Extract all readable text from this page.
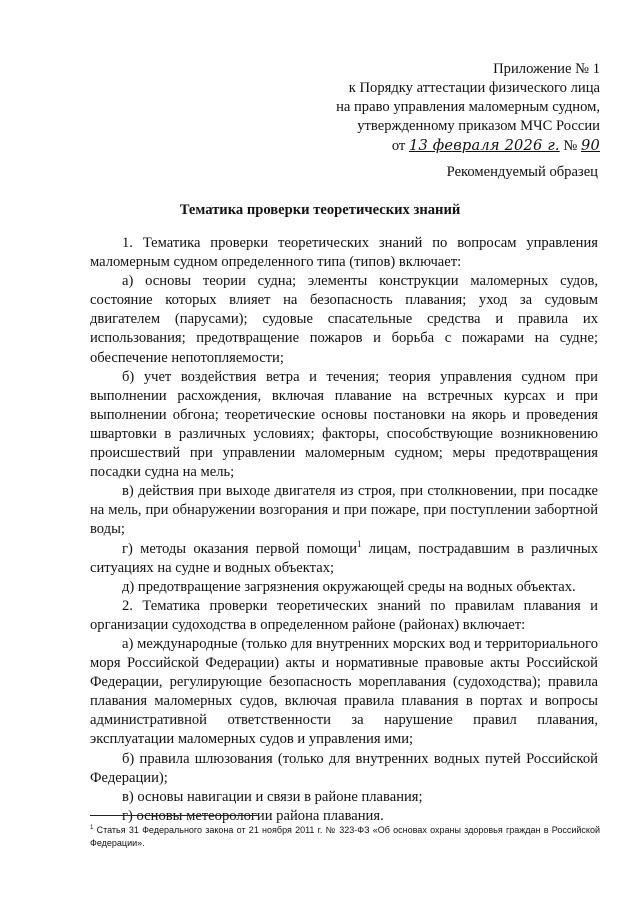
Приложение № 1
к Порядку аттестации физического лица
на право управления маломерным судном,
утвержденному приказом МЧС России
от 13 февраля 2026 г. № 90
Рекомендуемый образец
Тематика проверки теоретических знаний

1. Тематика проверки теоретических знаний по вопросам управления маломерным судном определенного типа (типов) включает:

а) основы теории судна; элементы конструкции маломерных судов, состояние которых влияет на безопасность плавания; уход за судовым двигателем (парусами); судовые спасательные средства и правила их использования; предотвращение пожаров и борьба с пожарами на судне; обеспечение непотопляемости;

б) учет воздействия ветра и течения; теория управления судном при выполнении расхождения, включая плавание на встречных курсах и при выполнении обгона; теоретические основы постановки на якорь и проведения швартовки в различных условиях; факторы, способствующие возникновению происшествий при управлении маломерным судном; меры предотвращения посадки судна на мель;

в) действия при выходе двигателя из строя, при столкновении, при посадке на мель, при обнаружении возгорания и при пожаре, при поступлении забортной воды;

г) методы оказания первой помощи$^1$ лицам, пострадавшим в различных ситуациях на судне и водных объектах;

д) предотвращение загрязнения окружающей среды на водных объектах.

2. Тематика проверки теоретических знаний по правилам плавания и организации судоходства в определенном районе (районах) включает:

а) международные (только для внутренних морских вод и территориального моря Российской Федерации) акты и нормативные правовые акты Российской Федерации, регулирующие безопасность мореплавания (судоходства); правила плавания маломерных судов, включая правила плавания в портах и вопросы административной ответственности за нарушение правил плавания, эксплуатации маломерных судов и управления ими;

б) правила шлюзования (только для внутренних водных путей Российской Федерации);

в) основы навигации и связи в районе плавания;

г) основы метеорологии района плавания.

$^1$ Статья 31 Федерального закона от 21 ноября 2011 г. № 323-ФЗ «Об основах охраны здоровья граждан в Российской Федерации».
